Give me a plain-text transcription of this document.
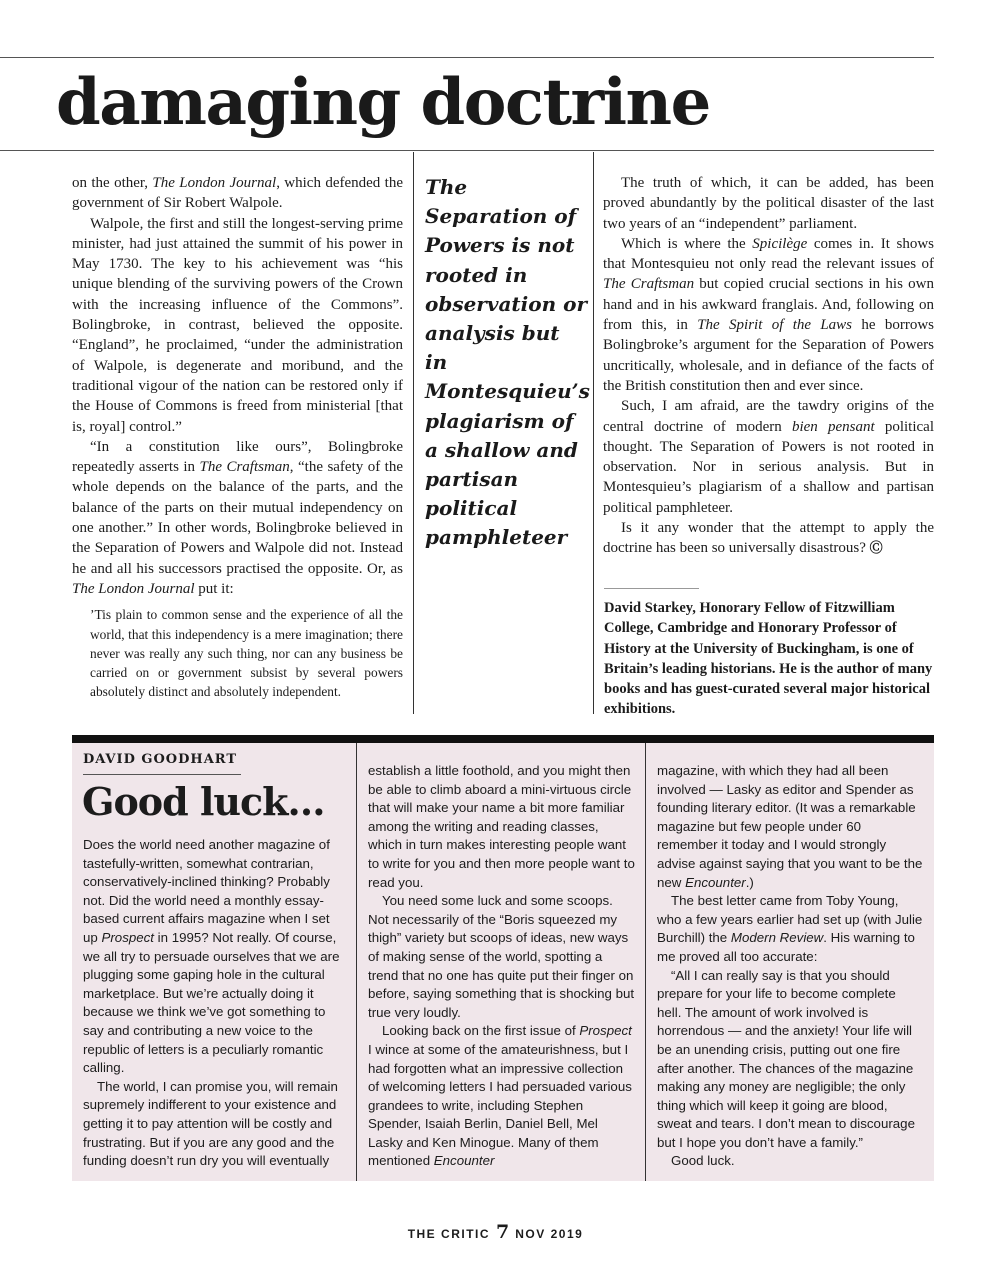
damaging doctrine

on the other, The London Journal, which defended the government of Sir Robert Walpole.

Walpole, the first and still the longest-serving prime minister, had just attained the summit of his power in May 1730. The key to his achievement was “his unique blending of the surviving powers of the Crown with the increasing influence of the Commons”. Bolingbroke, in contrast, believed the opposite. “England”, he proclaimed, “under the administration of Walpole, is degenerate and moribund, and the traditional vigour of the nation can be restored only if the House of Commons is freed from ministerial [that is, royal] control.”

“In a constitution like ours”, Bolingbroke repeatedly asserts in The Craftsman, “the safety of the whole depends on the balance of the parts, and the balance of the parts on their mutual independency on one another.” In other words, Bolingbroke believed in the Separation of Powers and Walpole did not. Instead he and all his successors practised the opposite. Or, as The London Journal put it:

’Tis plain to common sense and the experience of all the world, that this independency is a mere imagination; there never was really any such thing, nor can any business be carried on or government subsist by several powers absolutely distinct and absolutely independent.
The Separation of Powers is not rooted in observation or analysis but in Montesquieu’s plagiarism of a shallow and partisan political pamphleteer

The truth of which, it can be added, has been proved abundantly by the political disaster of the last two years of an “independent” parliament.

Which is where the Spicilège comes in. It shows that Montesquieu not only read the relevant issues of The Craftsman but copied crucial sections in his own hand and in his awkward franglais. And, following on from this, in The Spirit of the Laws he borrows Bolingbroke’s argument for the Separation of Powers uncritically, wholesale, and in defiance of the facts of the British constitution then and ever since.

Such, I am afraid, are the tawdry origins of the central doctrine of modern bien pensant political thought. The Separation of Powers is not rooted in observation. Nor in serious analysis. But in Montesquieu’s plagiarism of a shallow and partisan political pamphleteer.

Is it any wonder that the attempt to apply the doctrine has been so universally disastrous? Ⓒ

David Starkey, Honorary Fellow of Fitzwilliam College, Cambridge and Honorary Professor of History at the University of Buckingham, is one of Britain’s leading historians. He is the author of many books and has guest-curated several major historical exhibitions.
DAVID GOODHART
Good luck…

Does the world need another magazine of tastefully-written, somewhat contrarian, conservatively-inclined thinking? Probably not. Did the world need a monthly essay-based current affairs magazine when I set up Prospect in 1995? Not really. Of course, we all try to persuade ourselves that we are plugging some gaping hole in the cultural marketplace. But we’re actually doing it because we think we’ve got something to say and contributing a new voice to the republic of letters is a peculiarly romantic calling.

The world, I can promise you, will remain supremely indifferent to your existence and getting it to pay attention will be costly and frustrating. But if you are any good and the funding doesn’t run dry you will eventually

establish a little foothold, and you might then be able to climb aboard a mini-virtuous circle that will make your name a bit more familiar among the writing and reading classes, which in turn makes interesting people want to write for you and then more people want to read you.

You need some luck and some scoops. Not necessarily of the “Boris squeezed my thigh” variety but scoops of ideas, new ways of making sense of the world, spotting a trend that no one has quite put their finger on before, saying something that is shocking but true very loudly.

Looking back on the first issue of Prospect I wince at some of the amateurishness, but I had forgotten what an impressive collection of welcoming letters I had persuaded various grandees to write, including Stephen Spender, Isaiah Berlin, Daniel Bell, Mel Lasky and Ken Minogue. Many of them mentioned Encounter

magazine, with which they had all been involved — Lasky as editor and Spender as founding literary editor. (It was a remarkable magazine but few people under 60 remember it today and I would strongly advise against saying that you want to be the new Encounter.)

The best letter came from Toby Young, who a few years earlier had set up (with Julie Burchill) the Modern Review. His warning to me proved all too accurate:

“All I can really say is that you should prepare for your life to become complete hell. The amount of work involved is horrendous — and the anxiety! Your life will be an unending crisis, putting out one fire after another. The chances of the magazine making any money are negligible; the only thing which will keep it going are blood, sweat and tears. I don’t mean to discourage but I hope you don’t have a family.”

Good luck.

THE CRITIC 7 NOV 2019
